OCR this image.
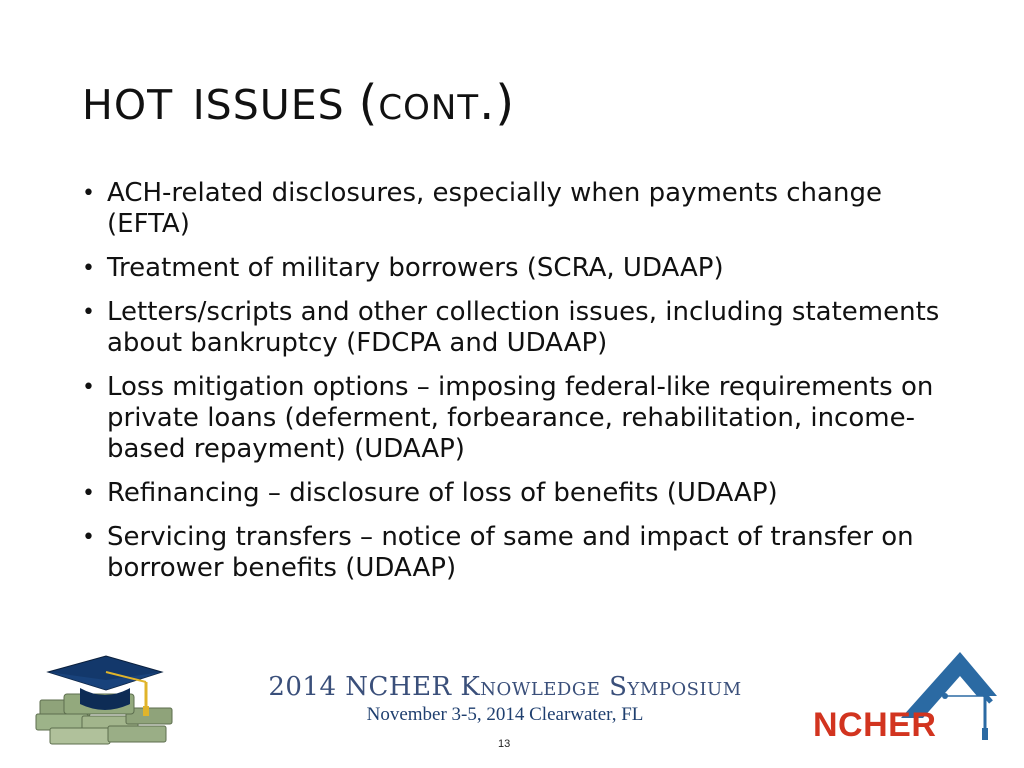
hot issues (cont.)
• ACH-related disclosures, especially when payments change (EFTA)
• Treatment of military borrowers (SCRA, UDAAP)
• Letters/scripts and other collection issues, including statements about bankruptcy (FDCPA and UDAAP)
• Loss mitigation options – imposing federal-like requirements on private loans (deferment, forbearance, rehabilitation, income-based repayment) (UDAAP)
• Refinancing – disclosure of loss of benefits (UDAAP)
• Servicing transfers – notice of same and impact of transfer on borrower benefits (UDAAP)
2014 NCHER Knowledge Symposium
November 3-5, 2014 Clearwater, FL	NCHER
13
